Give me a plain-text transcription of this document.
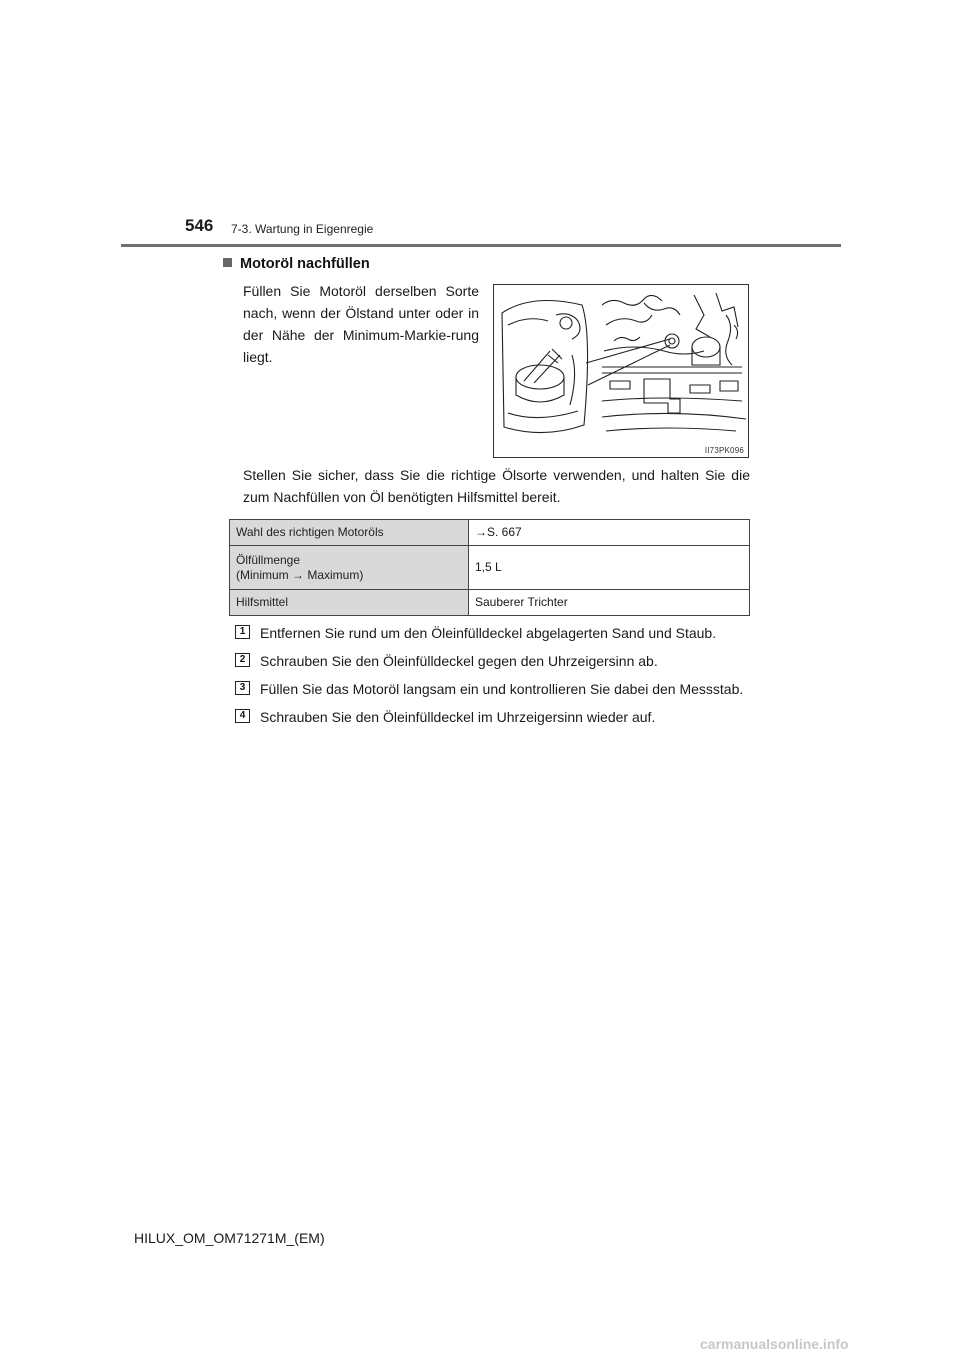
546 7-3. Wartung in Eigenregie
Motoröl nachfüllen
Füllen Sie Motoröl derselben Sorte nach, wenn der Ölstand unter oder in der Nähe der Minimum-Markie-rung liegt.
II73PK096
Stellen Sie sicher, dass Sie die richtige Ölsorte verwenden, und halten Sie die zum Nachfüllen von Öl benötigten Hilfsmittel bereit.
Wahl des richtigen Motoröls	→S. 667
Ölfüllmenge
(Minimum → Maximum)	1,5 L
Hilfsmittel	Sauberer Trichter
1	Entfernen Sie rund um den Öleinfülldeckel abgelagerten Sand und Staub.
2	Schrauben Sie den Öleinfülldeckel gegen den Uhrzeigersinn ab.
3	Füllen Sie das Motoröl langsam ein und kontrollieren Sie dabei den Messstab.
4	Schrauben Sie den Öleinfülldeckel im Uhrzeigersinn wieder auf.
HILUX_OM_OM71271M_(EM)
carmanualsonline.info
